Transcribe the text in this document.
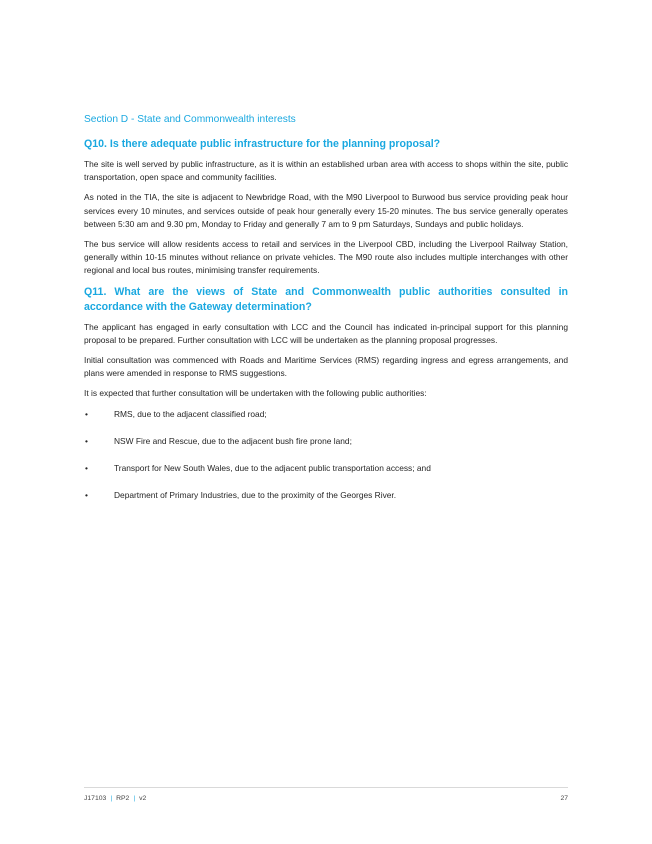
Section D - State and Commonwealth interests
Q10. Is there adequate public infrastructure for the planning proposal?

The site is well served by public infrastructure, as it is within an established urban area with access to shops within the site, public transportation, open space and community facilities.

As noted in the TIA, the site is adjacent to Newbridge Road, with the M90 Liverpool to Burwood bus service providing peak hour services every 10 minutes, and services outside of peak hour generally every 15-20 minutes. The bus service generally operates between 5:30 am and 9.30 pm, Monday to Friday and generally 7 am to 9 pm Saturdays, Sundays and public holidays.

The bus service will allow residents access to retail and services in the Liverpool CBD, including the Liverpool Railway Station, generally within 10-15 minutes without reliance on private vehicles. The M90 route also includes multiple interchanges with other regional and local bus routes, minimising transfer requirements.

Q11. What are the views of State and Commonwealth public authorities consulted in accordance with the Gateway determination?

The applicant has engaged in early consultation with LCC and the Council has indicated in-principal support for this planning proposal to be prepared. Further consultation with LCC will be undertaken as the planning proposal progresses.

Initial consultation was commenced with Roads and Maritime Services (RMS) regarding ingress and egress arrangements, and plans were amended in response to RMS suggestions.

It is expected that further consultation will be undertaken with the following public authorities:

•	RMS, due to the adjacent classified road;
•	NSW Fire and Rescue, due to the adjacent bush fire prone land;
•	Transport for New South Wales, due to the adjacent public transportation access; and
•	Department of Primary Industries, due to the proximity of the Georges River.
J17103 | RP2 | v2	27
